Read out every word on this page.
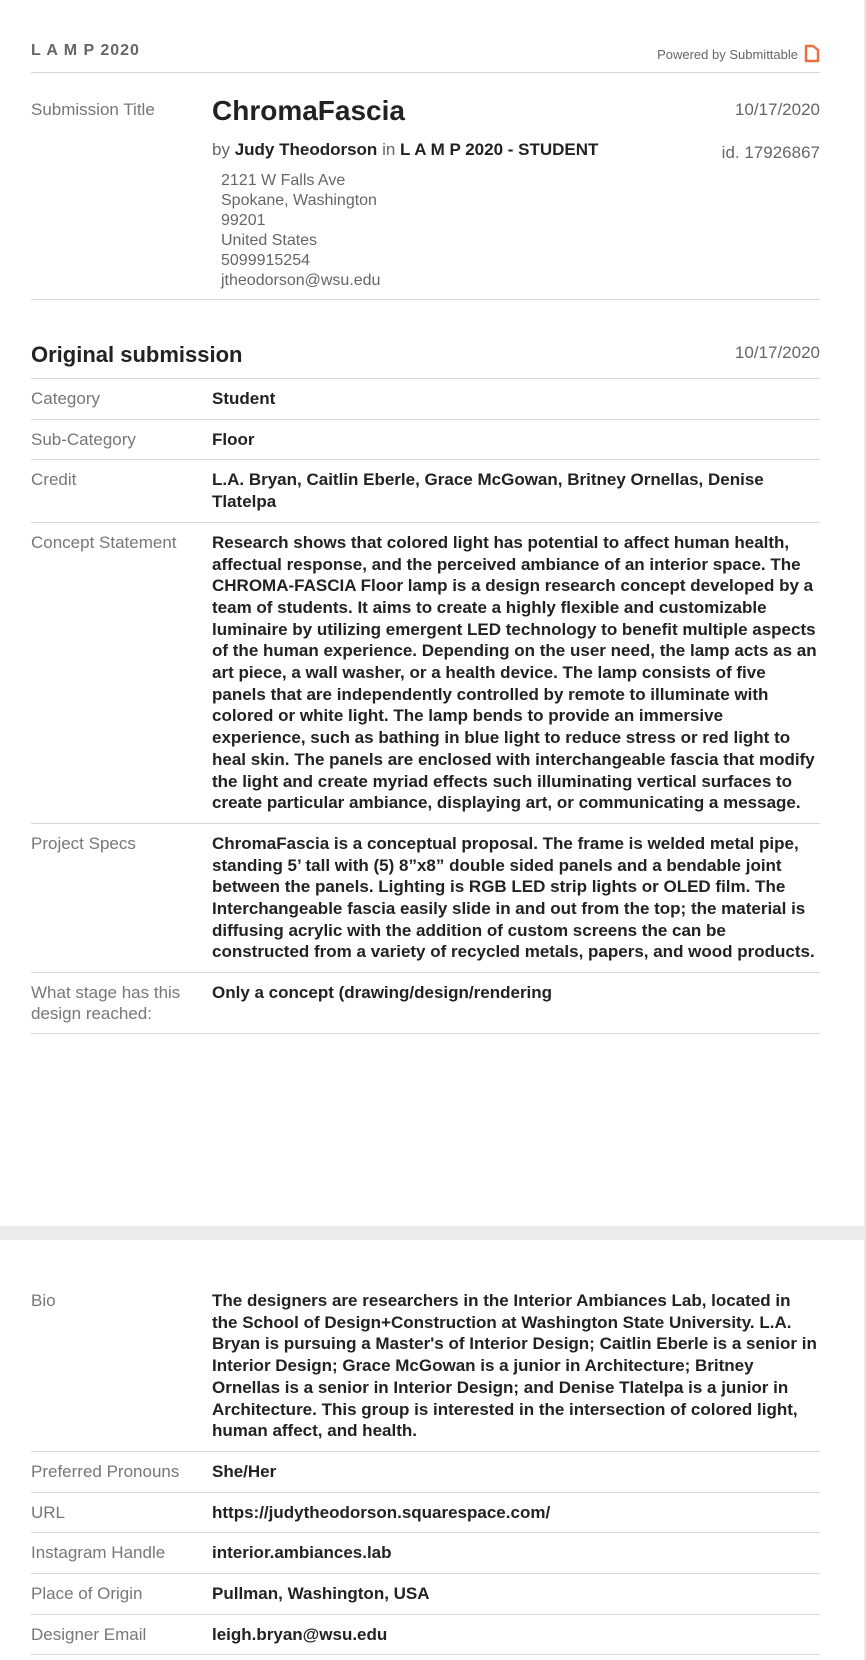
L A M P 2020	Powered by Submittable
Submission Title ChromaFascia	10/17/2020
by Judy Theodorson in L A M P 2020 - STUDENT	id. 17926867
2121 W Falls Ave
Spokane, Washington
99201
United States
5099915254
jtheodorson@wsu.edu
Original submission	10/17/2020
Category	Student
Sub-Category	Floor
Credit	L.A. Bryan, Caitlin Eberle, Grace McGowan, Britney Ornellas, Denise Tlatelpa
Concept Statement	Research shows that colored light has potential to affect human health, affectual response, and the perceived ambiance of an interior space. The CHROMA-FASCIA Floor lamp is a design research concept developed by a team of students. It aims to create a highly flexible and customizable luminaire by utilizing emergent LED technology to benefit multiple aspects of the human experience. Depending on the user need, the lamp acts as an art piece, a wall washer, or a health device. The lamp consists of five panels that are independently controlled by remote to illuminate with colored or white light. The lamp bends to provide an immersive experience, such as bathing in blue light to reduce stress or red light to heal skin. The panels are enclosed with interchangeable fascia that modify the light and create myriad effects such illuminating vertical surfaces to create particular ambiance, displaying art, or communicating a message.
Project Specs	ChromaFascia is a conceptual proposal. The frame is welded metal pipe, standing 5’ tall with (5) 8”x8” double sided panels and a bendable joint between the panels. Lighting is RGB LED strip lights or OLED film. The Interchangeable fascia easily slide in and out from the top; the material is diffusing acrylic with the addition of custom screens the can be constructed from a variety of recycled metals, papers, and wood products.
What stage has this design reached:
Only a concept (drawing/design/rendering
Bio	The designers are researchers in the Interior Ambiances Lab, located in the School of Design+Construction at Washington State University. L.A. Bryan is pursuing a Master's of Interior Design; Caitlin Eberle is a senior in Interior Design; Grace McGowan is a junior in Architecture; Britney Ornellas is a senior in Interior Design; and Denise Tlatelpa is a junior in Architecture. This group is interested in the intersection of colored light, human affect, and health.
Preferred Pronouns	She/Her
URL	https://judytheodorson.squarespace.com/
Instagram Handle	interior.ambiances.lab
Place of Origin	Pullman, Washington, USA
Designer Email	leigh.bryan@wsu.edu
